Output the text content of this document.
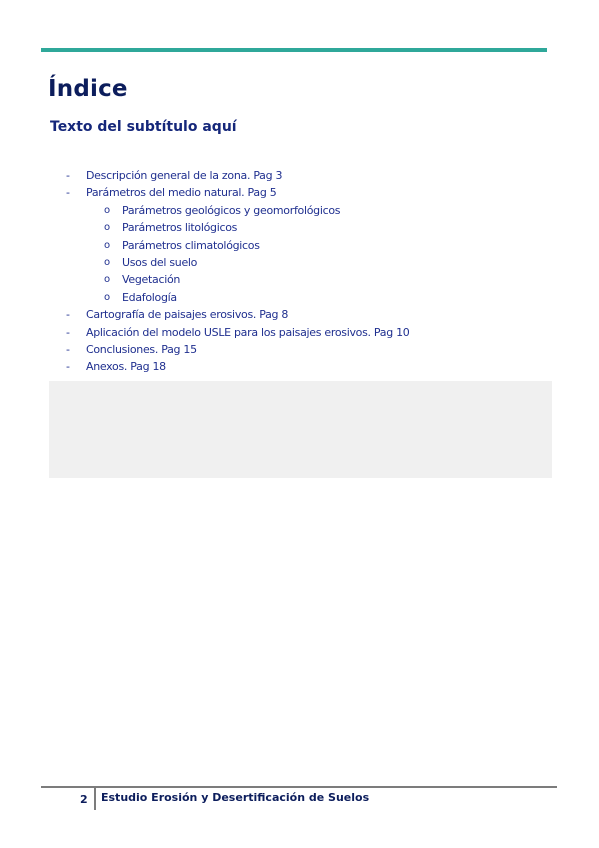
Índice
Texto del subtítulo aquí
- Descripción general de la zona. Pag 3
- Parámetros del medio natural. Pag 5
o Parámetros geológicos y geomorfológicos
o Parámetros litológicos
o Parámetros climatológicos
o Usos del suelo
o Vegetación
o Edafología
- Cartografía de paisajes erosivos. Pag 8
- Aplicación del modelo USLE para los paisajes erosivos. Pag 10
- Conclusiones. Pag 15
- Anexos. Pag 18
2 Estudio Erosión y Desertificación de Suelos
